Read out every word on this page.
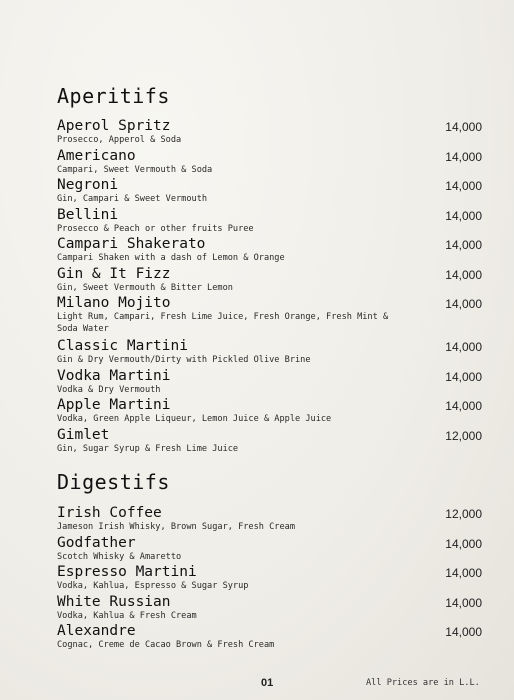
Aperitifs
Aperol Spritz
Prosecco, Apperol & Soda
14,000
Americano
Campari, Sweet Vermouth & Soda
14,000
Negroni
Gin, Campari & Sweet Vermouth
14,000
Bellini
Prosecco & Peach or other fruits Puree
14,000
Campari Shakerato
Campari Shaken with a dash of Lemon & Orange
14,000
Gin & It Fizz
Gin, Sweet Vermouth & Bitter Lemon
14,000
Milano Mojito
Light Rum, Campari, Fresh Lime Juice, Fresh Orange, Fresh Mint & Soda Water
14,000
Classic Martini
Gin & Dry Vermouth/Dirty with Pickled Olive Brine
14,000
Vodka Martini
Vodka & Dry Vermouth
14,000
Apple Martini
Vodka, Green Apple Liqueur, Lemon Juice & Apple Juice
14,000
Gimlet
Gin, Sugar Syrup & Fresh Lime Juice
12,000
Digestifs
Irish Coffee
Jameson Irish Whisky, Brown Sugar, Fresh Cream
12,000
Godfather
Scotch Whisky & Amaretto
14,000
Espresso Martini
Vodka, Kahlua, Espresso & Sugar Syrup
14,000
White Russian
Vodka, Kahlua & Fresh Cream
14,000
Alexandre
Cognac, Creme de Cacao Brown & Fresh Cream
14,000
01	All Prices are in L.L.
